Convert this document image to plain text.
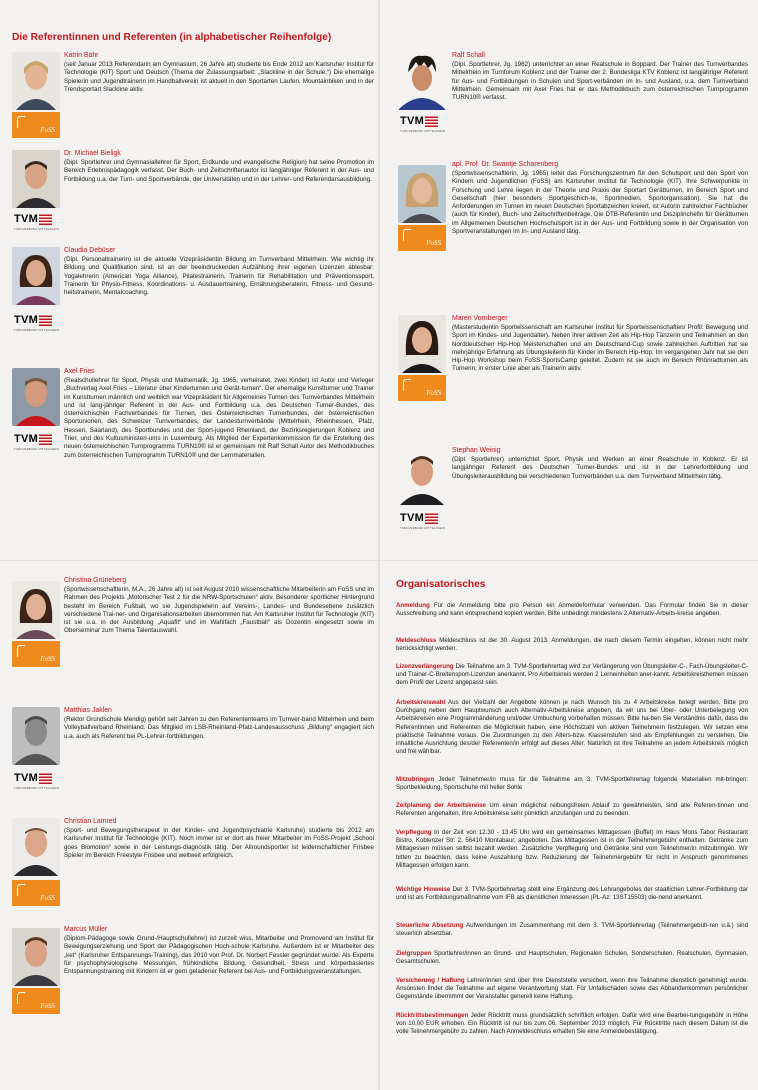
Die Referentinnen und Referenten (in alphabetischer Reihenfolge)
FoSS
Katrin Bähr
(seit Januar 2013 Referendarin am Gymnasium, 26 Jahre alt) studierte bis Ende 2012 am Karlsruher Institut für Technologie (KIT) Sport und Deutsch (Thema der Zulassungsarbeit: „Slackline in der Schule.“) Die ehemalige Spielerin und Jugendtrainerin im Handballverein ist aktuell in den Sportarten Laufen, Mountainbiken und in der Trendsportart Slackline aktiv.
TVM
TURNVERBAND MITTELRHEIN
Dr. Michael Bieligk
(Dipl. Sportlehrer und Gymnasiallehrer für Sport, Erdkunde und evangelische Religion) hat seine Promotion im Bereich Erlebnispädagogik verfasst. Der Buch- und Zeitschriftenautor ist langjähriger Referent in der Aus- und Fortbildung u.a. der Turn- und Sportverbände, der Universitäten und in der Lehrer- und Referendarsausbildung.
TVM
TURNVERBAND MITTELRHEIN
Claudia Debüser
(Dipl. Personaltrainerin) ist die aktuelle Vizepräsidentin Bildung im Turnverband Mittelrhein. Wie wichtig ihr Bildung und Qualifikation sind, ist an der beeindruckenden Aufzählung ihrer eigenen Lizenzen ablesbar: Yogalehrerin (American Yoga Alliance), Pilatestrainerin, Trainerin für Rehabilitation und Präventionssport, Trainerin für Physio-Fitness, Koordinations- u. Ausdauertraining, Ernährungsberaterin, Fitness- und Gesund-heitstrainerin, Mentalcoaching.
TVM
TURNVERBAND MITTELRHEIN
Axel Fries
(Realschullehrer für Sport, Physik und Mathematik, Jg. 1965, verheiratet, zwei Kinder) ist Autor und Verleger „Buchverlag Axel Fries – Literatur über Kinderturnen und Gerät-turnen“. Der ehemalige Kunstturner und Trainer im Kunstturnen männlich und weiblich war Vizepräsident für Allgemeines Turnen des Turnverbandes Mittelrhein und ist lang-jähriger Referent in der Aus- und Fortbildung u.a. des Deutschen Turner-Bundes, des österreichischen Fachverbandes für Turnen, des Österreichischen Turnerbundes, der österreichischen Sportunionen, des Schweizer Turnverbandes, der Landesturnverbände (Mittelrhein, Rheinhessen, Pfalz, Hessen, Saarland), des Sportbundes und der Sport-jugend Rheinland, der Bezirksregierungen Koblenz und Trier, und des Kultusministeri-ums in Luxemburg. Als Mitglied der Expertenkommission für die Erstellung des neuen österreichischen Turnprogramms TURN10® ist er gemeinsam mit Ralf Schall Autor des Methodikbuches zum österreichischen Turnprogramm TURN10® und der Lernmaterialien.
TVM
TURNVERBAND MITTELRHEIN
Ralf Schall
(Dipl. Sportlehrer, Jg. 1962) unterrichtet an einer Realschule in Boppard. Der Trainer des Turnverbandes Mittelrhein im Turnforum Koblenz und der Trainer der 2. Bundesliga KTV Koblenz ist langjähriger Referent für Aus- und Fortbildungen in Schulen und Sport-verbänden im In- und Ausland, u.a. dem Turnverband Mittelrhein. Gemeinsam mit Axel Fries hat er das Methodikbuch zum österreichischen Turnprogramm TURN10® verfasst.
FoSS
apl. Prof. Dr. Swantje Scharenberg
(Sportwissenschaftlerin, Jg. 1965) leitet das Forschungszentrum für den Schulsport und den Sport von Kindern und Jugendlichen (FoSS) am Karlsruher Institut für Technologie (KIT). Ihre Schwerpunkte in Forschung und Lehre liegen in der Theorie und Praxis der Sportart Gerätturnen, im Bereich Sport und Gesellschaft (hier besonders Sportgeschich-te, Sportmedien, Sportorganisation). Sie hat die Anforderungen im Turnen im neuen Deutschen Sportabzeichen kreiert, ist Autorin zahlreicher Fachbücher (auch für Kinder), Buch- und Zeitschriftenbeiträge. Die DTB-Referentin und Disziplinchefin für Gerätturnen im Allgemeinen Deutschen Hochschulsport ist in der Aus- und Fortbildung sowie in der Organisation von Sportveranstaltungen im In- und Ausland tätig.
FoSS
Maren Vornberger
(Masterstudentin Sportwissenschaft am Karlsruher Institut für Sportwissenschaften/ Profil: Bewegung und Sport im Kindes- und Jugendalter). Neben ihrer aktiven Zeit als Hip-Hop Tänzerin und Teilnahmen an den Norddeutschen Hip-Hop Meisterschaften und am Deutschland-Cup sowie zahlreichen Auftritten hat sie mehrjährige Erfahrung als Übungsleiterin für Kinder im Bereich Hip-Hop. Im vergangenen Jahr hat sie den Hip-Hop Workshop beim FoSS-SportsCamp geleitet. Zudem ist sie auch im Bereich Rhönradturnen als Turnerin, in erster Linie aber als Trainerin aktiv.
TVM
TURNVERBAND MITTELRHEIN
Stephan Weinig
(Dipl. Sportlehrer) unterrichtet Sport, Physik und Werken an einer Realschule in Koblenz. Er ist langjähriger Referent des Deutschen Turner-Bundes und ist in der Lehrerfortbildung und Übungsleiterausbildung bei verschiedenen Turnverbänden u.a. dem Turnverband Mittelrhein tätig.
FoSS
Christina Grüneberg
(Sportwissenschaftlerin, M.A., 26 Jahre alt) ist seit August 2010 wissenschaftliche Mitarbeiterin am FoSS und im Rahmen des Projekts „Motorischer Test 2 für die NRW-Sportschulen“ aktiv. Besonderer sportlicher Hintergrund besteht im Bereich Fußball, wo sie Jugendspielerin auf Vereins-, Landes- und Bundesebene zusätzlich verschiedene Trai-ner- und Organisationsarbeiten übernommen hat. Am Karlsruher Institut für Technologie (KIT) ist sie u.a. in der Ausbildung „Aquafit“ und im Wahlfach „Faustball“ als Dozentin eingesetzt sowie im Oberseminar zum Thema Talentauswahl.
TVM
TURNVERBAND MITTELRHEIN
Matthias Jaklen
(Rektor Grundschule Mendig) gehört seit Jahren zu den Referententeams im Turnver-band Mittelrhein und beim Volleyballverband Rheinland. Das Mitglied im LSB-Rheinland-Pfalz-Landesausschuss „Bildung“ engagiert sich u.a. auch als Referent bei PL-Lehrer-fortbildungen.
FoSS
Christian Lamred
(Sport- und Bewegungstherapeut in der Kinder- und Jugendpsychiatrie Karlsruhe) studierte bis 2012 am Karlsruher Institut für Technologie (KIT). Noch immer ist er dort als freier Mitarbeiter im FoSS-Projekt „School goes Biomotion“ sowie in der Leistungs-diagnostik tätig. Der Allroundsportler ist leidenschaftlicher Frisbee Spieler im Bereich Freestyle Frisbee und weltweit erfolgreich.
FoSS
Marcus Müller
(Diplom-Pädagoge sowie Grund-/Hauptschullehrer) ist zurzeit wiss. Mitarbeiter und Promovend am Institut für Bewegungserziehung und Sport der Pädagogischen Hoch-schule Karlsruhe. Außerdem ist er Mitarbeiter des „ket“ (Karlsruher Entspannungs-Training), das 2010 von Prof. Dr. Norbert Fessler gegründet wurde. Als Experte für psychophysiologische Messungen, frühkindliche Bildung, Gesundheit, Stress und körperbasiertes Entspannungstraining mit Kindern ist er gern geladener Referent bei Aus- und Fortbildungsveranstaltungen.
Organisatorisches

Anmeldung Für die Anmeldung bitte pro Person ein Anmeldeformular verwenden. Das Formular finden Sie in dieser Ausschreibung und kann entsprechend kopiert werden. Bitte unbedingt mindestens 2 Alternativ-Arbeits-kreise angeben.

Meldeschluss Meldeschluss ist der 30. August 2013. Anmeldungen, die nach diesem Termin eingehen, können nicht mehr berücksichtigt werden.

Lizenzverlängerung Die Teilnahme am 3. TVM-Sportlehrertag wird zur Verlängerung von Übungsleiter-C-, Fach-Übungsleiter-C- und Trainer-C-Breitensport-Lizenzen anerkannt. Pro Arbeitskreis werden 2 Lerneinheiten aner-kannt. Arbeitskreisthemen müssen dem Profil der Lizenz angepasst sein.

Arbeitskreiswahl Aus der Vielzahl der Angebote können je nach Wunsch bis zu 4 Arbeitskreise belegt werden. Bitte pro Durchgang neben dem Hauptwunsch auch Alternativ-Arbeitskreise angeben, da wir uns bei Über- oder Unterbelegung von Arbeitskreisen eine Programmänderung und/oder Umbuchung vorbehalten müssen. Bitte ha-ben Sie Verständnis dafür, dass die Referentinnen und Referenten die Möglichkeit haben, eine Höchstzahl von aktiven Teilnehmern festzulegen. Wir setzen eine praktische Teilnahme voraus. Die Zuordnungen zu den Alters-bzw. Klassenstufen sind als Empfehlungen zu verstehen. Die inhaltliche Ausrichtung des/der Referenten/in erfolgt auf dieses Alter. Natürlich ist Ihre Teilnahme an jedem Arbeitskreis möglich und frei wählbar.

Mitzubringen Jede/r Teilnehmer/in muss für die Teilnahme am 3. TVM-Sportlehrertag folgende Materialien mit-bringen: Sportbekleidung, Sportschuhe mit heller Sohle

Zeitplanung der Arbeitskreise Um einen möglichst reibungsfreien Ablauf zu gewährleisten, sind alle Referen-tinnen und Referenten angehalten, ihre Arbeitskreise sehr pünktlich anzufangen und zu beenden.

Verpflegung In der Zeit von 12.30 - 13.45 Uhr wird ein gemeinsames Mittagessen (Buffet) im Haus Mons Tabor Restaurant Bistro, Koblenzer Str. 2, 56410 Montabaur, angeboten. Das Mittagessen ist in der Teilnehmergebühr enthalten. Getränke zum Mittagessen müssen selbst bezahlt werden. Zusätzliche Verpflegung und Getränke sind vom Teilnehmer/in mitzubringen. Wir bitten zu beachten, dass keine Auszahlung bzw. Reduzierung der Teilnehmergebühr für nicht in Anspruch genommenes Mittagessen erfolgen kann.

Wichtige Hinweise Der 3. TVM-Sportlehrertag stellt eine Ergänzung des Lehrangebotes der staatlichen Lehrer-Fortbildung dar und ist als Fortbildungsmaßnahme vom IFB als dienstlichen Interessen (PL-Az: 13ST15503) die-nend anerkannt.

Steuerliche Absetzung Aufwendungen im Zusammenhang mit dem 3. TVM-Sportlehrertag (Teilnehmergebüh-ren u.ä.) sind steuerlich absetzbar.

Zielgruppen Sportlehrer/innen an Grund- und Hauptschulen, Regionalen Schulen, Sonderschulen, Realschulen, Gymnasien, Gesamtschulen.

Versicherung / Haftung Lehrer/innen sind über Ihre Dienststelle versichert, wenn ihre Teilnahme dienstlich genehmigt wurde. Ansonsten findet die Teilnahme auf eigene Verantwortung statt. Für Unfallschäden sowie das Abhandenkommen persönlicher Gegenstände übernimmt der Veranstalter generell keine Haftung.

Rücktrittsbestimmungen Jeder Rücktritt muss grundsätzlich schriftlich erfolgen. Dafür wird eine Bearbei-tungsgebühr in Höhe von 10,00 EUR erhoben. Ein Rücktritt ist nur bis zum 06. September 2013 möglich. Für Rücktritte nach diesem Datum ist die volle Teilnehmergebühr zu zahlen. Nach Anmeldeschluss erhalten Sie eine Anmeldebestätigung.
